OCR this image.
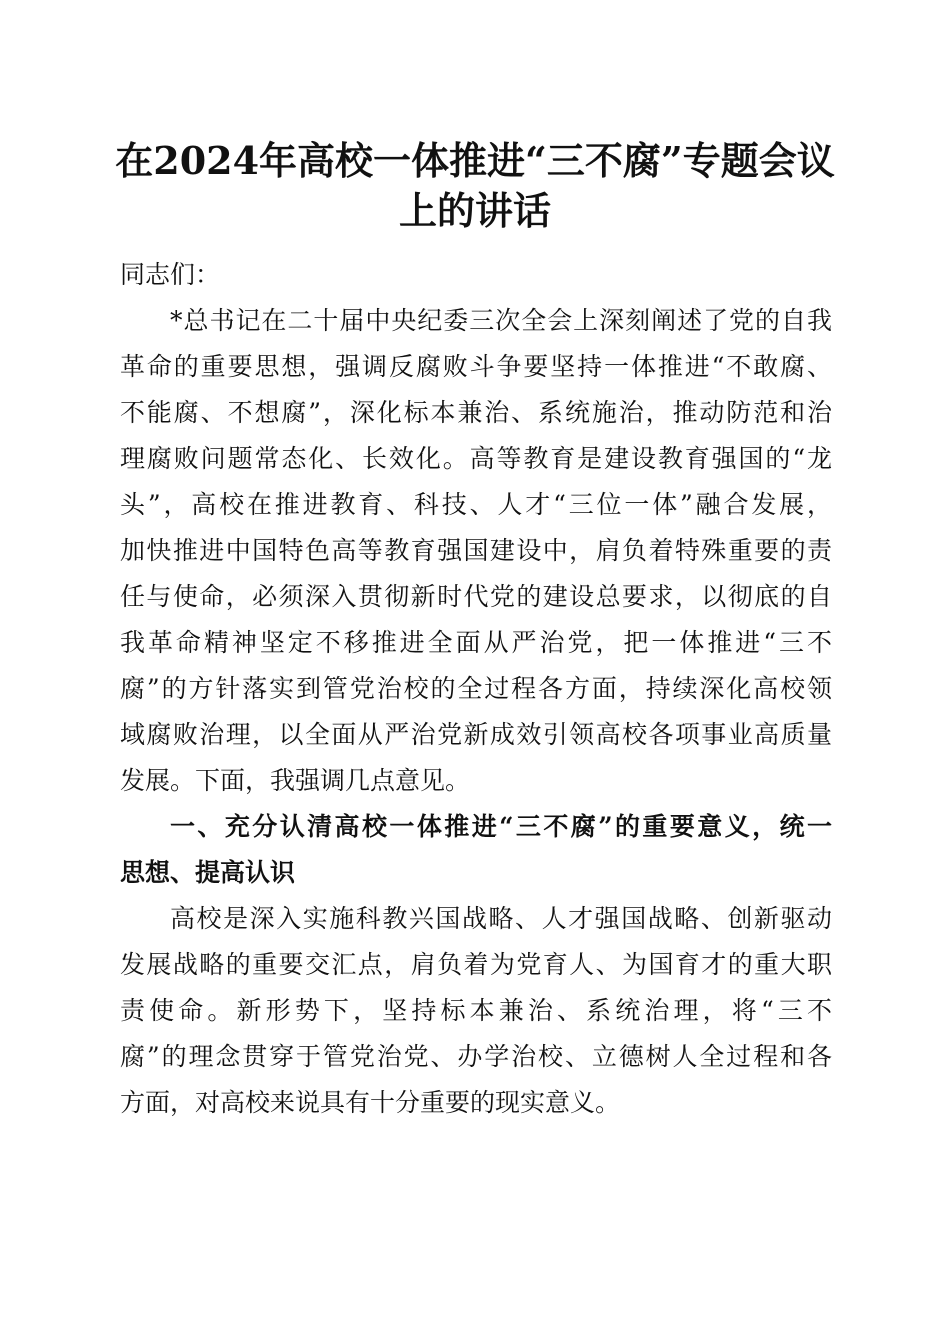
在2024年高校一体推进“三不腐”专题会议
上的讲话
同志们：
*总书记在二十届中央纪委三次全会上深刻阐述了党的自我
革命的重要思想，强调反腐败斗争要坚持一体推进“不敢腐、
不能腐、不想腐”，深化标本兼治、系统施治，推动防范和治
理腐败问题常态化、长效化。高等教育是建设教育强国的“龙
头”，高校在推进教育、科技、人才“三位一体”融合发展，
加快推进中国特色高等教育强国建设中，肩负着特殊重要的责
任与使命，必须深入贯彻新时代党的建设总要求，以彻底的自
我革命精神坚定不移推进全面从严治党，把一体推进“三不
腐”的方针落实到管党治校的全过程各方面，持续深化高校领
域腐败治理，以全面从严治党新成效引领高校各项事业高质量
发展。下面，我强调几点意见。
一、充分认清高校一体推进“三不腐”的重要意义，统一
思想、提高认识
高校是深入实施科教兴国战略、人才强国战略、创新驱动
发展战略的重要交汇点，肩负着为党育人、为国育才的重大职
责使命。新形势下，坚持标本兼治、系统治理，将“三不
腐”的理念贯穿于管党治党、办学治校、立德树人全过程和各
方面，对高校来说具有十分重要的现实意义。
